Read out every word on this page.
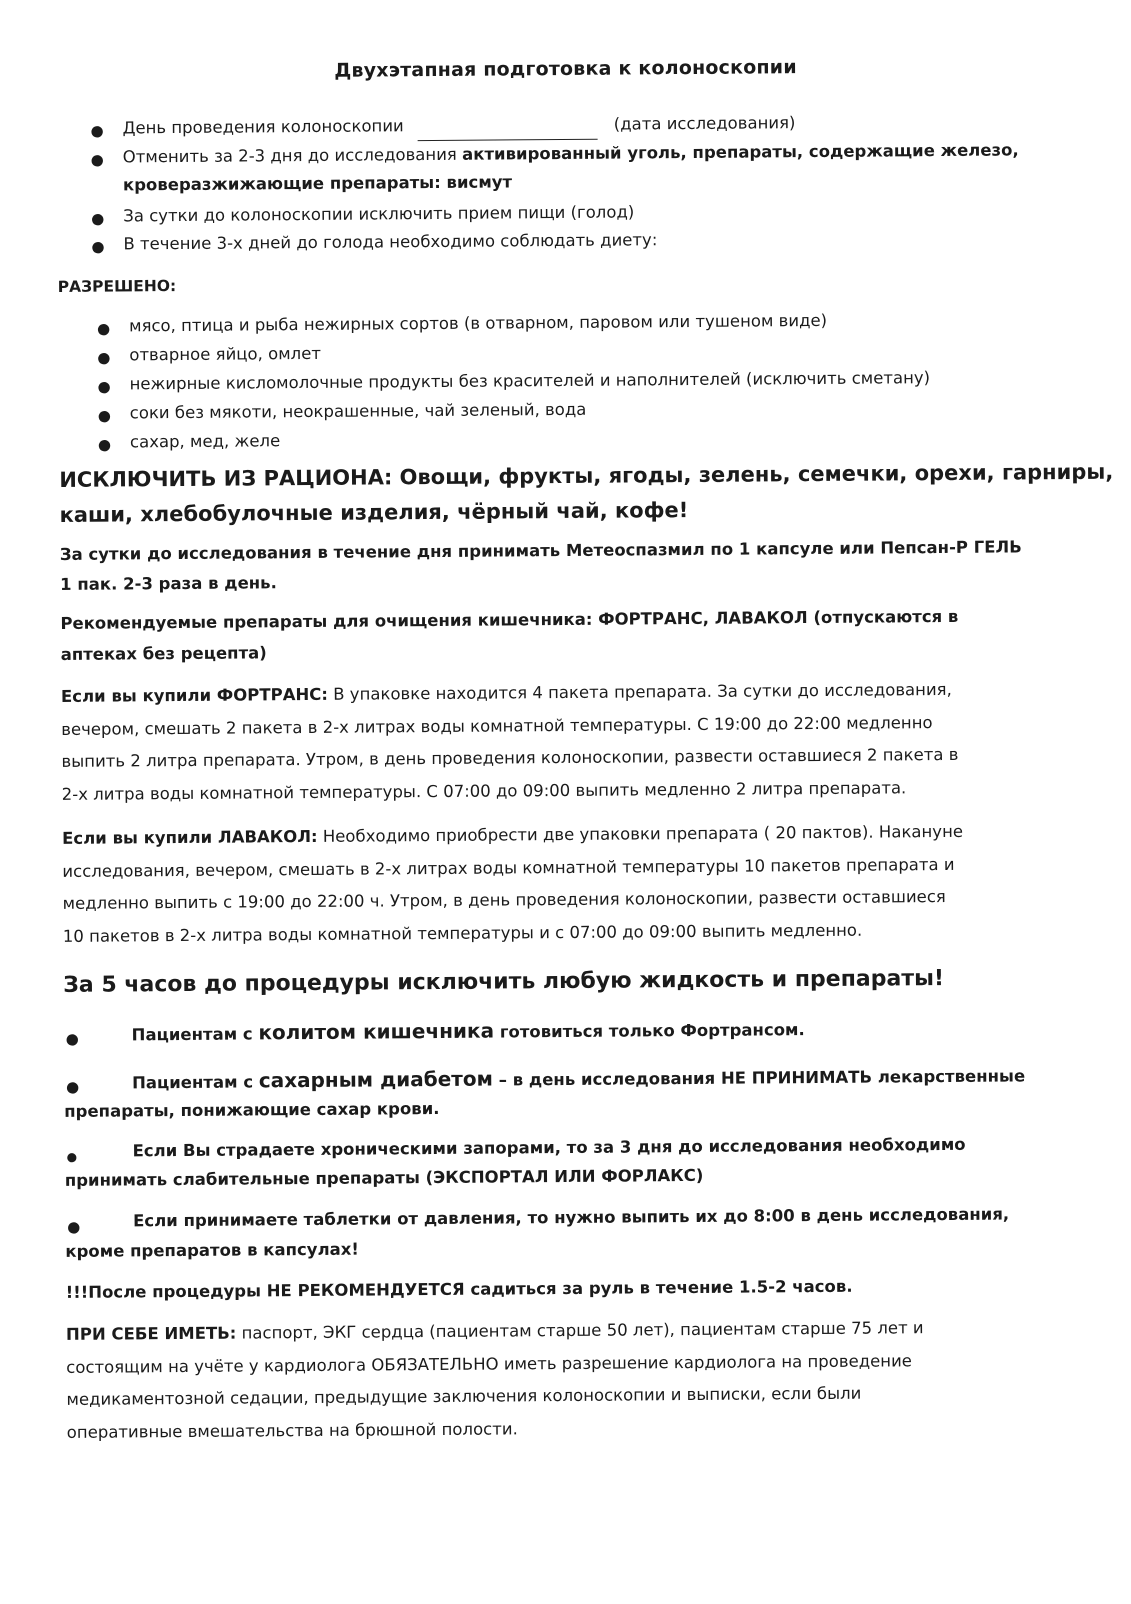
Двухэтапная подготовка к колоноскопии
● День проведения колоноскопии	(дата исследования)
● Отменить за 2-3 дня до исследования активированный уголь, препараты, содержащие железо,
кроверазжижающие препараты: висмут
● За сутки до колоноскопии исключить прием пищи (голод)
● В течение 3-х дней до голода необходимо соблюдать диету:
РАЗРЕШЕНО:
● мясо, птица и рыба нежирных сортов (в отварном, паровом или тушеном виде)
● отварное яйцо, омлет
● нежирные кисломолочные продукты без красителей и наполнителей (исключить сметану)
● соки без мякоти, неокрашенные, чай зеленый, вода
● сахар, мед, желе
ИСКЛЮЧИТЬ ИЗ РАЦИОНА: Овощи, фрукты, ягоды, зелень, семечки, орехи, гарниры,
каши, хлебобулочные изделия, чёрный чай, кофе!
За сутки до исследования в течение дня принимать Метеоспазмил по 1 капсуле или Пепсан-Р ГЕЛЬ
1 пак. 2-3 раза в день.
Рекомендуемые препараты для очищения кишечника: ФОРТРАНС, ЛАВАКОЛ (отпускаются в
аптеках без рецепта)
Если вы купили ФОРТРАНС: В упаковке находится 4 пакета препарата. За сутки до исследования,
вечером, смешать 2 пакета в 2-х литрах воды комнатной температуры. С 19:00 до 22:00 медленно
выпить 2 литра препарата. Утром, в день проведения колоноскопии, развести оставшиеся 2 пакета в
2-х литра воды комнатной температуры. С 07:00 до 09:00 выпить медленно 2 литра препарата.
Если вы купили ЛАВАКОЛ: Необходимо приобрести две упаковки препарата ( 20 пактов). Накануне
исследования, вечером, смешать в 2-х литрах воды комнатной температуры 10 пакетов препарата и
медленно выпить с 19:00 до 22:00 ч. Утром, в день проведения колоноскопии, развести оставшиеся
10 пакетов в 2-х литра воды комнатной температуры и с 07:00 до 09:00 выпить медленно.
За 5 часов до процедуры исключить любую жидкость и препараты!
●	Пациентам с колитом кишечника готовиться только Фортрансом.
●	Пациентам с сахарным диабетом – в день исследования НЕ ПРИНИМАТЬ лекарственные
препараты, понижающие сахар крови.
●	Если Вы страдаете хроническими запорами, то за 3 дня до исследования необходимо
принимать слабительные препараты (ЭКСПОРТАЛ ИЛИ ФОРЛАКС)
●	Если принимаете таблетки от давления, то нужно выпить их до 8:00 в день исследования,
кроме препаратов в капсулах!
!!!После процедуры НЕ РЕКОМЕНДУЕТСЯ садиться за руль в течение 1.5-2 часов.
ПРИ СЕБЕ ИМЕТЬ: паспорт, ЭКГ сердца (пациентам старше 50 лет), пациентам старше 75 лет и
состоящим на учёте у кардиолога ОБЯЗАТЕЛЬНО иметь разрешение кардиолога на проведение
медикаментозной седации, предыдущие заключения колоноскопии и выписки, если были
оперативные вмешательства на брюшной полости.
